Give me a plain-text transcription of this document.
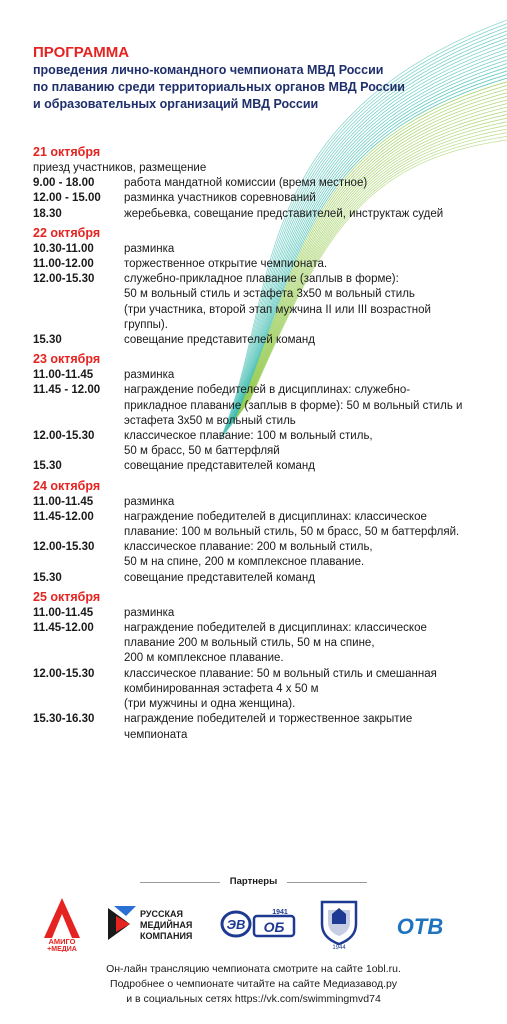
ПРОГРАММА
проведения лично-командного чемпионата МВД России
по плаванию среди территориальных органов МВД России
и образовательных организаций МВД России
21 октября
приезд участников, размещение
9.00 - 18.00	работа мандатной комиссии (время местное)
12.00 - 15.00	разминка участников соревнований
18.30	жеребьевка, совещание представителей, инструктаж судей
22 октября
10.30-11.00	разминка
11.00-12.00	торжественное открытие чемпионата.
12.00-15.30	служебно-прикладное плавание (заплыв в форме):
50 м вольный стиль и эстафета 3х50 м вольный стиль
(три участника, второй этап мужчина II или III возрастной группы).
15.30	совещание представителей команд
23 октября
11.00-11.45	разминка
11.45 - 12.00	награждение победителей в дисциплинах: служебно-прикладное плавание (заплыв в форме): 50 м вольный стиль и эстафета 3х50 м вольный стиль
12.00-15.30	классическое плавание: 100 м вольный стиль,
50 м брасс, 50 м баттерфляй
15.30	совещание представителей команд
24 октября
11.00-11.45	разминка
11.45-12.00	награждение победителей в дисциплинах: классическое плавание: 100 м вольный стиль, 50 м брасс, 50 м баттерфляй.
12.00-15.30	классическое плавание: 200 м вольный стиль,
50 м на спине, 200 м комплексное плавание.
15.30	совещание представителей команд
25 октября
11.00-11.45	разминка
11.45-12.00	награждение победителей в дисциплинах: классическое плавание 200 м вольный стиль, 50 м на спине,
200 м комплексное плавание.
12.00-15.30	классическое плавание: 50 м вольный стиль и смешанная комбинированная эстафета 4 х 50 м
(три мужчины и одна женщина).
15.30-16.30	награждение победителей и торжественное закрытие чемпионата
Партнеры
АМИГО
+МЕДИА
РУССКАЯ
МЕДИЙНАЯ
КОМПАНИЯ
ЭВ ОБ
1941
1944
ОТВ
Он-лайн трансляцию чемпионата смотрите на сайте 1obl.ru.
Подробнее о чемпионате читайте на сайте Медиазавод.ру
и в социальных сетях https://vk.com/swimmingmvd74
